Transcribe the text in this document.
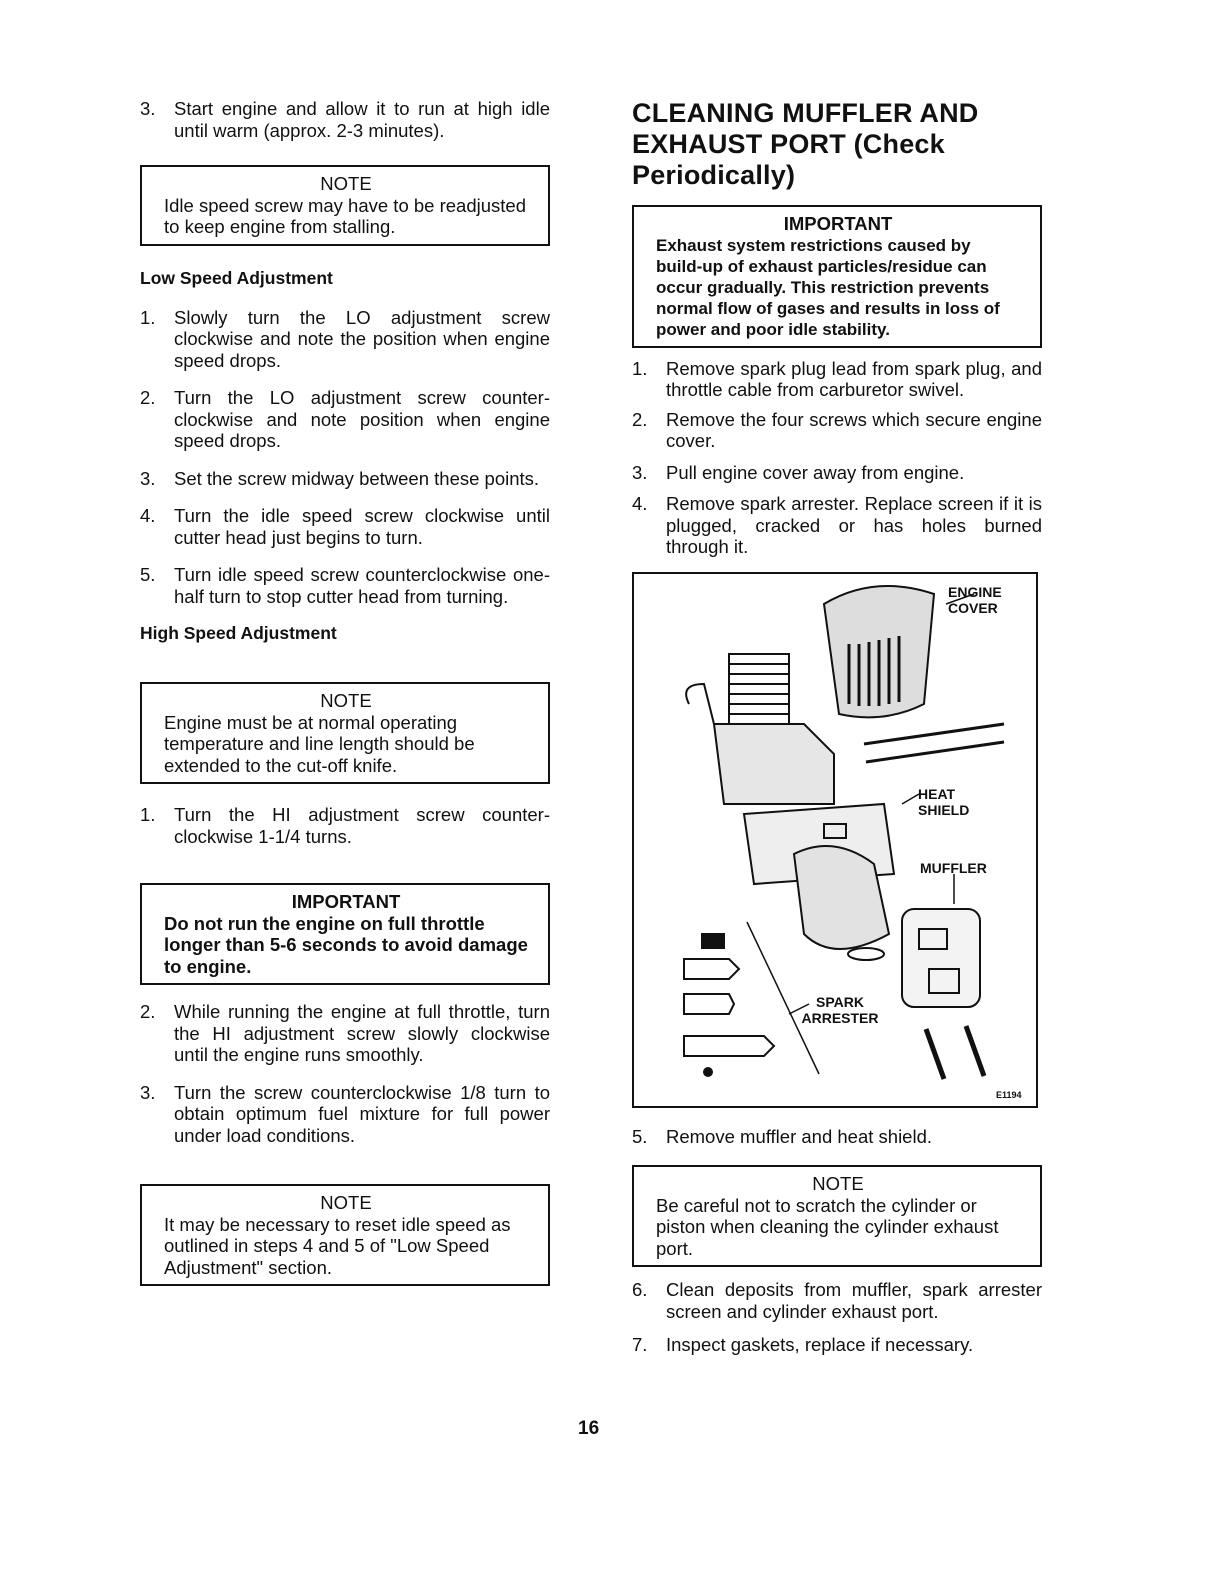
3.	Start engine and allow it to run at high idle until warm (approx. 2-3 minutes).
NOTE
Idle speed screw may have to be readjusted to keep engine from stalling.
Low Speed Adjustment
1.	Slowly turn the LO adjustment screw clockwise and note the position when engine speed drops.
2.	Turn the LO adjustment screw counter-clockwise and note position when engine speed drops.
3.	Set the screw midway between these points.
4.	Turn the idle speed screw clockwise until cutter head just begins to turn.
5.	Turn idle speed screw counterclockwise one-half turn to stop cutter head from turning.
High Speed Adjustment
NOTE
Engine must be at normal operating temperature and line length should be extended to the cut-off knife.
1.	Turn the HI adjustment screw counter-clockwise 1-1/4 turns.
IMPORTANT
Do not run the engine on full throttle longer than 5-6 seconds to avoid damage to engine.
2.	While running the engine at full throttle, turn the HI adjustment screw slowly clockwise until the engine runs smoothly.
3.	Turn the screw counterclockwise 1/8 turn to obtain optimum fuel mixture for full power under load conditions.
NOTE
It may be necessary to reset idle speed as outlined in steps 4 and 5 of "Low Speed Adjustment" section.
CLEANING MUFFLER AND EXHAUST PORT (Check Periodically)
IMPORTANT
Exhaust system restrictions caused by build-up of exhaust particles/residue can occur gradually. This restriction prevents normal flow of gases and results in loss of power and poor idle stability.
1.	Remove spark plug lead from spark plug, and throttle cable from carburetor swivel.
2.	Remove the four screws which secure engine cover.
3.	Pull engine cover away from engine.
4.	Remove spark arrester. Replace screen if it is plugged, cracked or has holes burned through it.
ENGINE COVER
HEAT SHIELD
MUFFLER
SPARK ARRESTER
E1194
5.	Remove muffler and heat shield.
NOTE
Be careful not to scratch the cylinder or piston when cleaning the cylinder exhaust port.
6.	Clean deposits from muffler, spark arrester screen and cylinder exhaust port.
7.	Inspect gaskets, replace if necessary.
16
